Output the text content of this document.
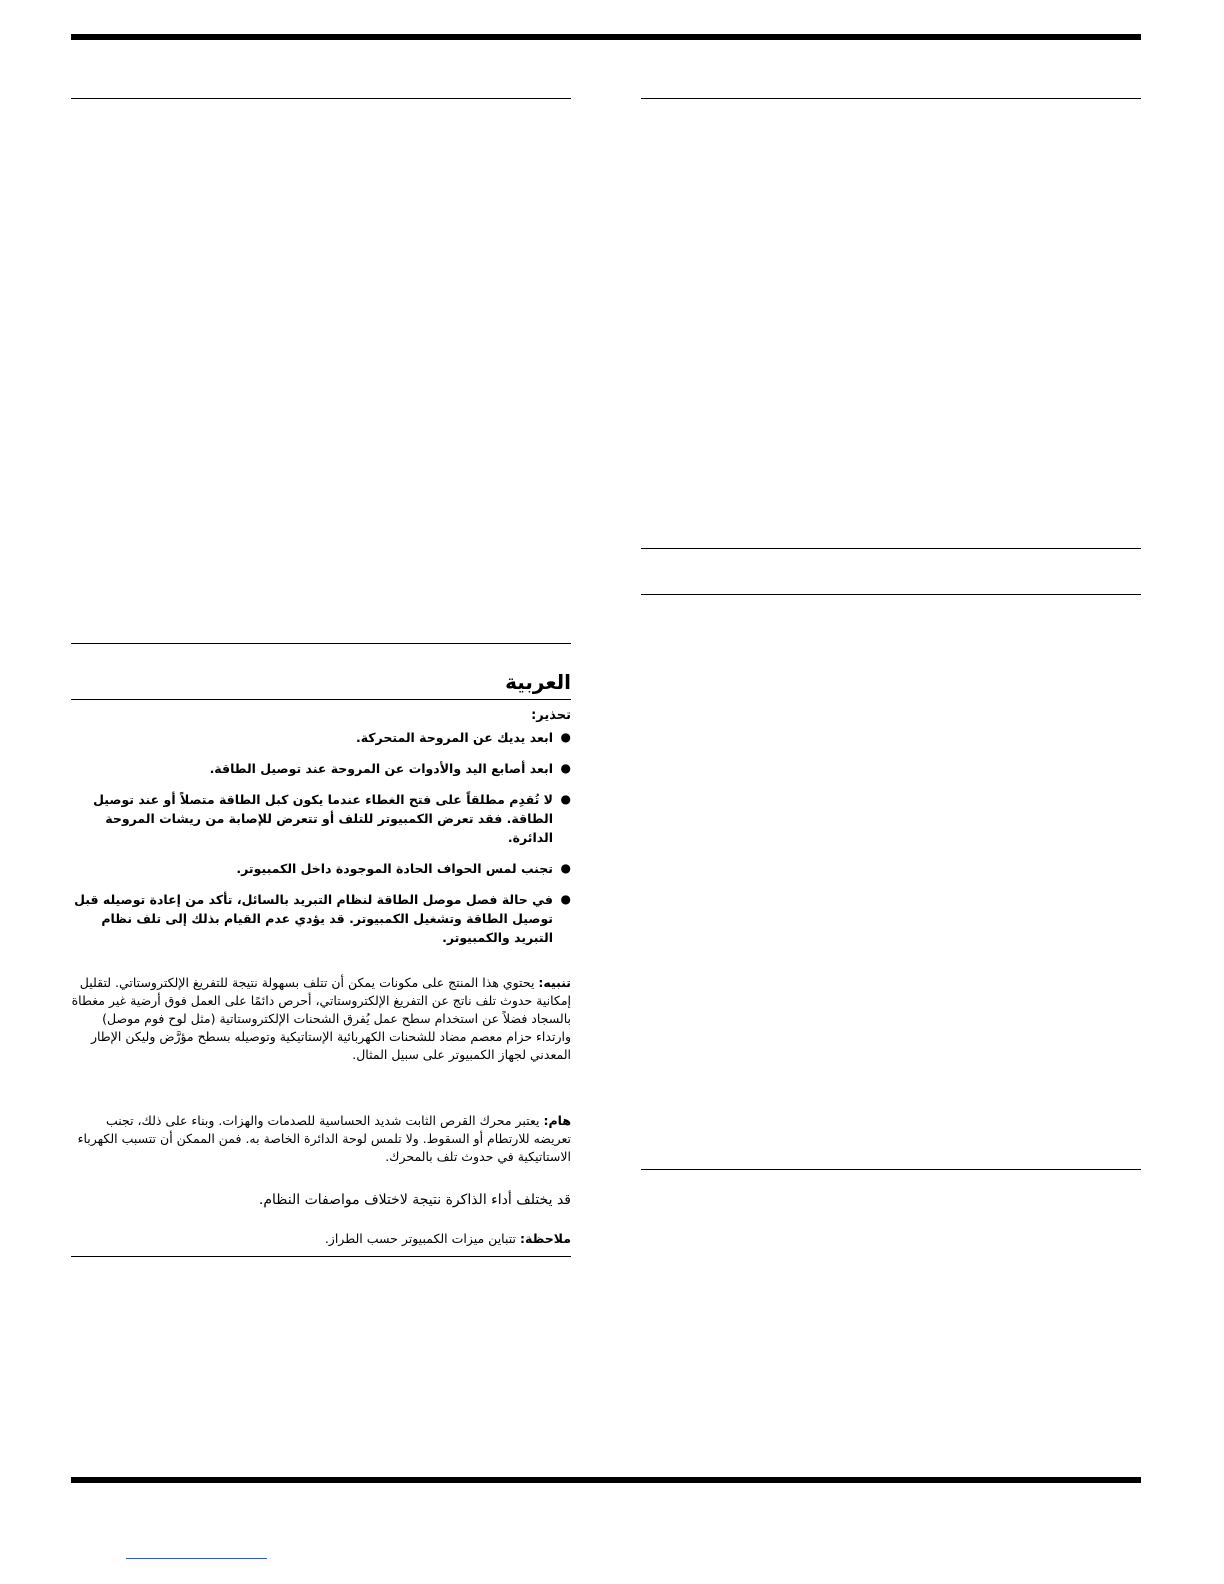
العربية
تحذير:
●
ابعد يديك عن المروحة المتحركة.
●
ابعد أصابع اليد والأدوات عن المروحة عند توصيل الطاقة.
●
لا تُقدِم مطلقاً على فتح الغطاء عندما يكون كبل الطاقة متصلاً أو عند توصيل الطاقة. فقد تعرض الكمبيوتر للتلف أو تتعرض للإصابة من ريشات المروحة الدائرة.
●
تجنب لمس الحواف الحادة الموجودة داخل الكمبيوتر.
●
في حالة فصل موصل الطاقة لنظام التبريد بالسائل، تأكد من إعادة توصيله قبل توصيل الطاقة وتشغيل الكمبيوتر. قد يؤدي عدم القيام بذلك إلى تلف نظام التبريد والكمبيوتر.
تنبيه: يحتوي هذا المنتج على مكونات يمكن أن تتلف بسهولة نتيجة للتفريغ الإلكتروستاتي. لتقليل إمكانية حدوث تلف ناتج عن التفريغ الإلكتروستاتي، أحرص دائمًا على العمل فوق أرضية غير مغطاة بالسجاد فضلاً عن استخدام سطح عمل يُفرق الشحنات الإلكتروستاتية (مثل لوح فوم موصل) وارتداء حزام معصم مضاد للشحنات الكهربائية الإستاتيكية وتوصيله بسطح مؤرَّض وليكن الإطار المعدني لجهاز الكمبيوتر على سبيل المثال.
هام: يعتبر محرك القرص الثابت شديد الحساسية للصدمات والهزات. وبناء على ذلك، تجنب تعريضه للارتطام أو السقوط. ولا تلمس لوحة الدائرة الخاصة به. فمن الممكن أن تتسبب الكهرباء الاستاتيكية في حدوث تلف بالمحرك.
قد يختلف أداء الذاكرة نتيجة لاختلاف مواصفات النظام.
ملاحظة: تتباين ميزات الكمبيوتر حسب الطراز.
